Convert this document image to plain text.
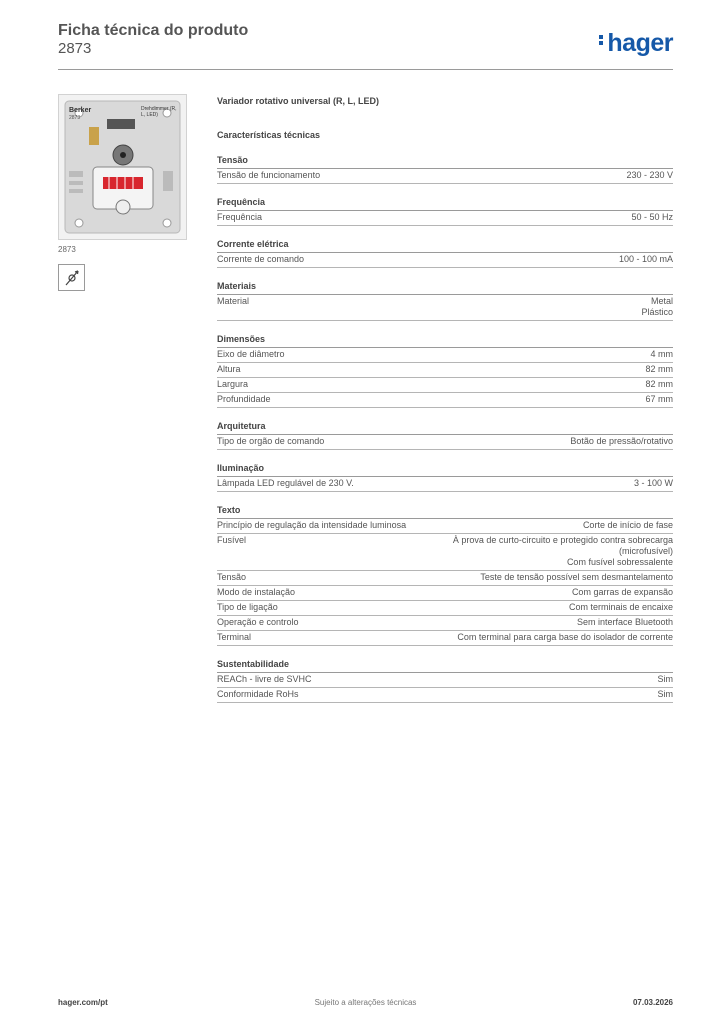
Ficha técnica do produto
2873	hager
Berker
2873
Drehdimmer (R, L, LED)
2873
Variador rotativo universal (R, L, LED)
Características técnicas
Tensão
Tensão de funcionamento	230 - 230 V
Frequência
Frequência	50 - 50 Hz
Corrente elétrica
Corrente de comando	100 - 100 mA
Materiais
Material	Metal
Plástico
Dimensões
Eixo de diâmetro	4 mm
Altura	82 mm
Largura	82 mm
Profundidade	67 mm
Arquitetura
Tipo de orgão de comando	Botão de pressão/rotativo
Iluminação
Lâmpada LED regulável de 230 V.	3 - 100 W
Texto
Princípio de regulação da intensidade luminosa	Corte de início de fase
Fusível	À prova de curto-circuito e protegido contra sobrecarga
(microfusível)
Com fusível sobressalente
Tensão	Teste de tensão possível sem desmantelamento
Modo de instalação	Com garras de expansão
Tipo de ligação	Com terminais de encaixe
Operação e controlo	Sem interface Bluetooth
Terminal	Com terminal para carga base do isolador de corrente
Sustentabilidade
REACh - livre de SVHC	Sim
Conformidade RoHs	Sim
hager.com/pt	Sujeito a alterações técnicas	07.03.2026
